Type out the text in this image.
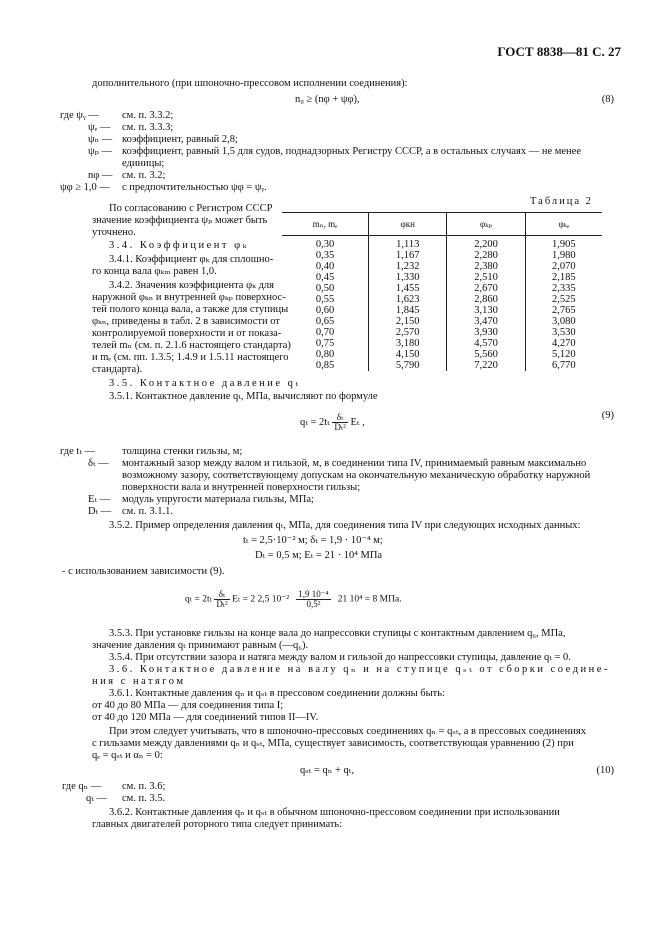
ГОСТ 8838—81 С. 27
дополнительного (при шпоночно-прессовом исполнении соединения):
n₀ ≥ (nφ + ψφ),	(8)
где ψᵧ — см. п. 3.3.2;
ψₑ — см. п. 3.3.3;
ψₙ — коэффициент, равный 2,8;
ψₚ — коэффициент, равный 1,5 для судов, поднадзорных Регистру СССР, а в остальных случаях — не менее единицы;
nφ — см. п. 3.2;
ψφ ≥ 1,0 — с предпочтительностью ψφ = ψᵧ.
По согласованию с Регистром СССР
значение коэффициента ψₚ может быть
уточнено.
3.4. Коэффициент φₖ
3.4.1. Коэффициент φₖ для сплошно-
го конца вала φₖₘ равен 1,0.
3.4.2. Значения коэффициента φₖ для
наружной φₖₙ и внутренней φₖₚ поверхнос-
тей полого конца вала, а также для ступицы
φₖₙ, приведены в табл. 2 в зависимости от
контролируемой поверхности и от показа-
телей mₙ (см. п. 2.1.6 настоящего стандарта)
и mₑ (см. пп. 1.3.5; 1.4.9 и 1.5.11 настоящего
стандарта).
Таблица 2
mₙ, mₑ	φкн	φₖₚ	φₖₑ
0,30	1,113	2,200	1,905
0,35	1,167	2,280	1,980
0,40	1,232	2,380	2,070
0,45	1,330	2,510	2,185
0,50	1,455	2,670	2,335
0,55	1,623	2,860	2,525
0,60	1,845	3,130	2,765
0,65	2,150	3,470	3,080
0,70	2,570	3,930	3,530
0,75	3,180	4,570	4,270
0,80	4,150	5,560	5,120
0,85	5,790	7,220	6,770
3.5. Контактное давление qₜ
3.5.1. Контактное давление qₜ, МПа, вычисляют по формуле
$q_t = 2t_t \frac{\text{δₜ}}{\text{Dₜ²}}$ Eₜ ,
(9)
где tₜ —	толщина стенки гильзы, м;
δₜ — монтажный зазор между валом и гильзой, м, в соединении типа IV, принимаемый равным максимально возможному зазору, соответствующему допускам на окончательную механическую обработку наружной поверхности вала и внутренней поверхности гильзы;
Eₜ — модуль упругости материала гильзы, МПа;
Dₜ — см. п. 3.1.1.
3.5.2. Пример определения давления qₜ, МПа, для соединения типа IV при следующих исходных данных:
tₜ = 2,5·10⁻² м; δₜ = 1,9 · 10⁻⁴ м;
Dₜ = 0,5 м; Eₜ = 21 · 10⁴ МПа
- с использованием зависимости (9).
$q_t = 2t_t \frac{\text{δₜ}}{\text{Dₜ²}}$ Eₜ = 2 2,5 $10^{-2} \frac{\text{1,9 10⁻⁴}}{\text{0,5²}} 21$ 10⁴ = 8 МПа.
3.5.3. При установке гильзы на конце вала до напрессовки ступицы с контактным давлением q₆, МПа,
значение давления qₜ принимают равным (—q₆).
3.5.4. При отсутствии зазора и натяга между валом и гильзой до напрессовки ступицы, давление qₜ = 0.
3.6. Контактное давление на валу qₙ и на ступице qₛₜ от сборки соедине-
ния с натягом
3.6.1. Контактные давления qₙ и qₛₜ в прессовом соединении должны быть:
от 40 до 80 МПа — для соединения типа I;
от 40 до 120 МПа — для соединений типов II—IV.
При этом следует учитывать, что в шпоночно-прессовых соединениях qₙ = qₛₜ, а в прессовых соединениях
с гильзами между давлениями qₙ и qₛₜ, МПа, существует зависимость, соответствующая уравнению (2) при
qₑ = qₛₜ и αₙ = 0:
qₛₜ = qₙ + qₜ,	(10)
где qₙ — см. п. 3.6;
qₜ — см. п. 3.5.
3.6.2. Контактные давления qₙ и qₛₜ в обычном шпоночно-прессовом соединении при использовании
главных двигателей роторного типа следует принимать:
